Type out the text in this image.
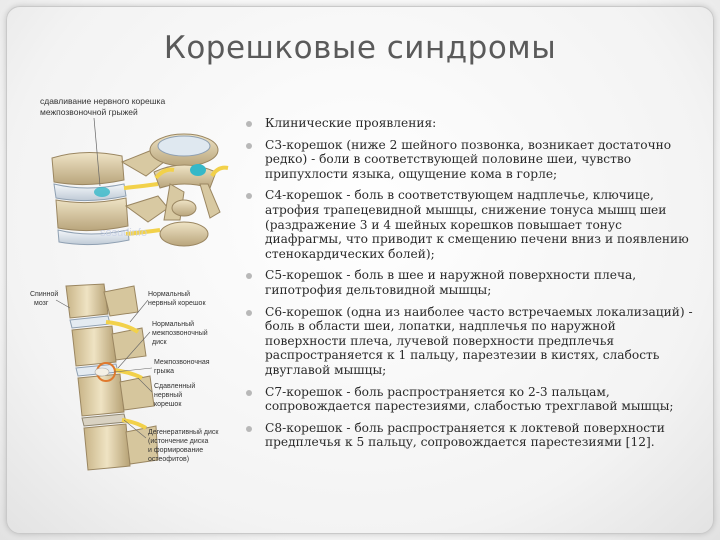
Корешковые синдромы
сдавливание нервного корешка
межпозвоночной грыжей
sosudinfo
Спинной
мозг
Нормальный
нервный корешок
Нормальный
межпозвоночный
диск
Межпозвоночная
грыжа
Сдавленный
нервный
корешок
Дегенеративный диск
(истончение диска
и формирование
остеофитов)
Клинические проявления:
С3-корешок (ниже 2 шейного позвонка, возникает достаточно редко) - боли в соответствующей половине шеи, чувство припухлости языка, ощущение кома в горле;
С4-корешок - боль в соответствующем надплечье, ключице, атрофия трапецевидной мышцы, снижение тонуса мышц шеи (раздражение 3 и 4 шейных корешков повышает тонус диафрагмы, что приводит к смещению печени вниз и появлению стенокардических болей);
С5-корешок - боль в шее и наружной поверхности плеча, гипотрофия дельтовидной мышцы;
С6-корешок (одна из наиболее часто встречаемых локализаций) - боль в области шеи, лопатки, надплечья по наружной поверхности плеча, лучевой поверхности предплечья распространяется к 1 пальцу, парезтезии в кистях, слабость двуглавой мышцы;
С7-корешок - боль распространяется ко 2-3 пальцам, сопровождается парестезиями, слабостью трехглавой мышцы;
С8-корешок - боль распространяется к локтевой поверхности предплечья к 5 пальцу, сопровождается парестезиями [12].
